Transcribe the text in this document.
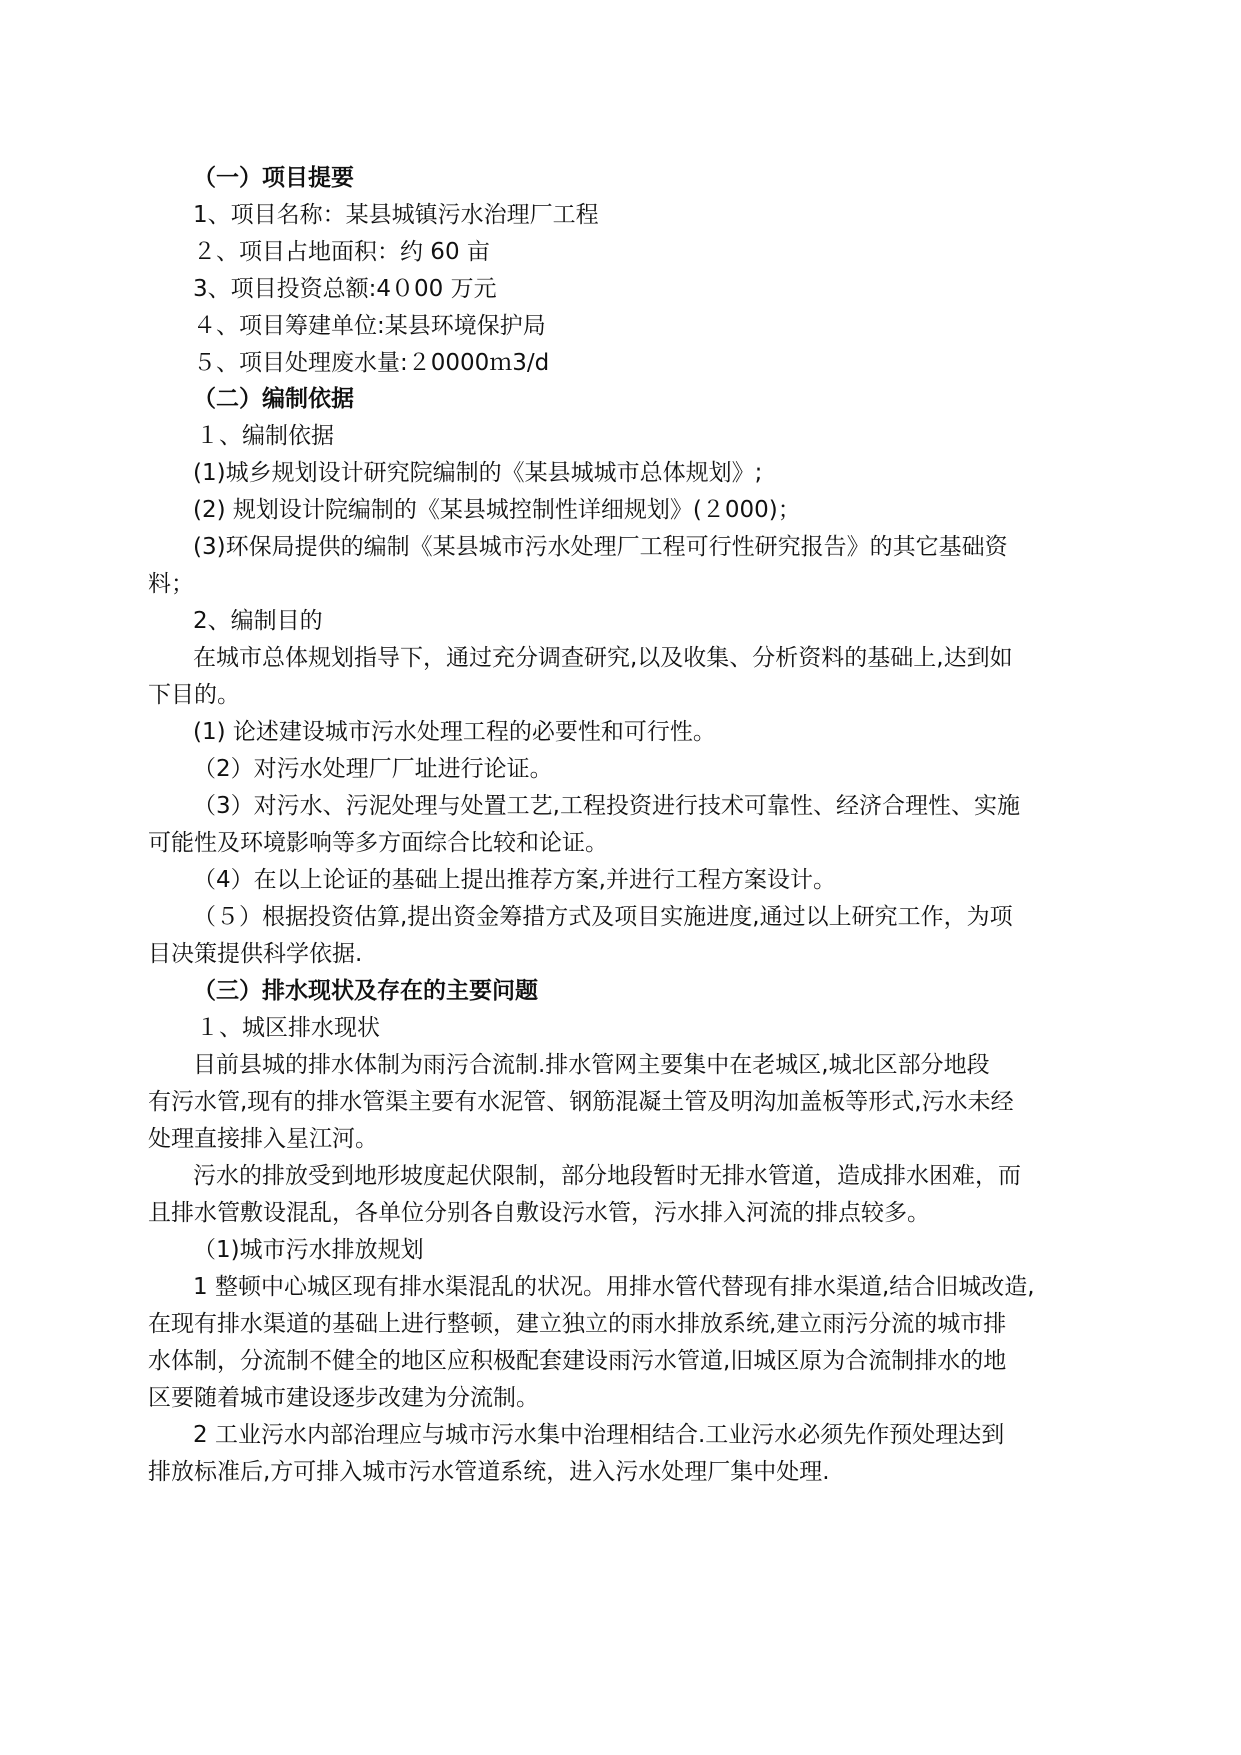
（一）项目提要
1、项目名称：某县城镇污水治理厂工程
２、项目占地面积：约 60 亩
3、项目投资总额:4０00 万元
４、项目筹建单位:某县环境保护局
５、项目处理废水量:２0000ｍ3/d
（二）编制依据
１、编制依据
(1)城乡规划设计研究院编制的《某县城城市总体规划》;
(2) 规划设计院编制的《某县城控制性详细规划》(２000)；
(3)环保局提供的编制《某县城市污水处理厂工程可行性研究报告》的其它基础资
料；
2、编制目的
在城市总体规划指导下，通过充分调查研究,以及收集、分析资料的基础上,达到如
下目的。
(1) 论述建设城市污水处理工程的必要性和可行性。
（2）对污水处理厂厂址进行论证。
（3）对污水、污泥处理与处置工艺,工程投资进行技术可靠性、经济合理性、实施
可能性及环境影响等多方面综合比较和论证。
（4）在以上论证的基础上提出推荐方案,并进行工程方案设计。
（５）根据投资估算,提出资金筹措方式及项目实施进度,通过以上研究工作，为项
目决策提供科学依据.
（三）排水现状及存在的主要问题
１、城区排水现状
目前县城的排水体制为雨污合流制.排水管网主要集中在老城区,城北区部分地段
有污水管,现有的排水管渠主要有水泥管、钢筋混凝土管及明沟加盖板等形式,污水未经
处理直接排入星江河。
污水的排放受到地形坡度起伏限制，部分地段暂时无排水管道，造成排水困难，而
且排水管敷设混乱，各单位分别各自敷设污水管，污水排入河流的排点较多。
（1)城市污水排放规划
1 整顿中心城区现有排水渠混乱的状况。用排水管代替现有排水渠道,结合旧城改造,
在现有排水渠道的基础上进行整顿，建立独立的雨水排放系统,建立雨污分流的城市排
水体制，分流制不健全的地区应积极配套建设雨污水管道,旧城区原为合流制排水的地
区要随着城市建设逐步改建为分流制。
2 工业污水内部治理应与城市污水集中治理相结合.工业污水必须先作预处理达到
排放标准后,方可排入城市污水管道系统，进入污水处理厂集中处理.
